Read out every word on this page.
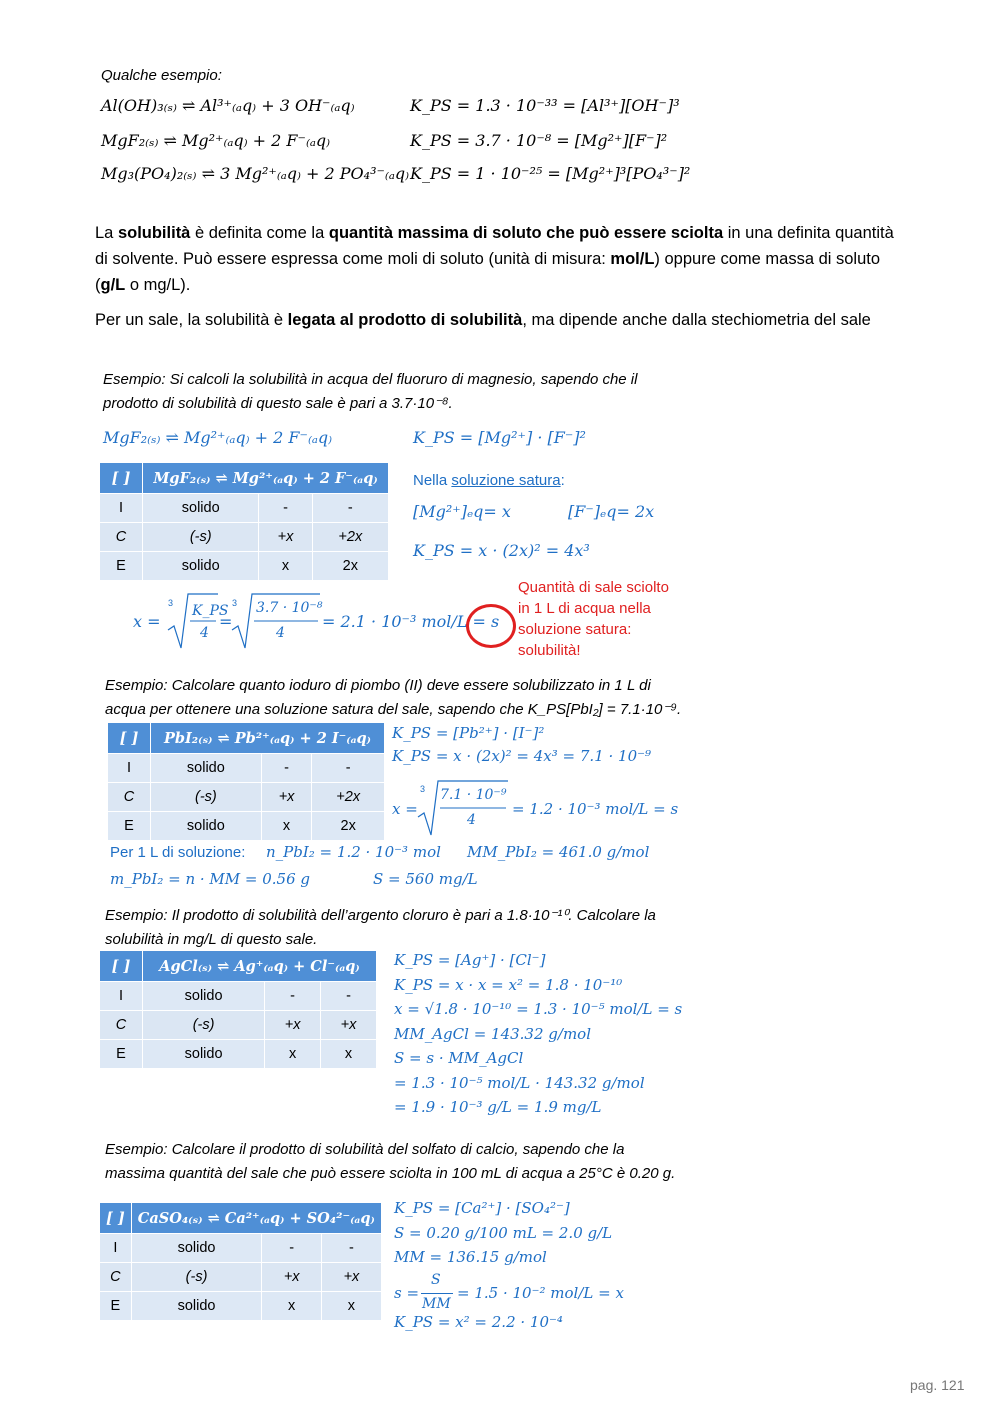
Qualche esempio:
Al(OH)₃₍ₛ₎ ⇌ Al³⁺₍ₐq₎ + 3 OH⁻₍ₐq₎	K_PS = 1.3 · 10⁻³³ = [Al³⁺][OH⁻]³
MgF₂₍ₛ₎ ⇌ Mg²⁺₍ₐq₎ + 2 F⁻₍ₐq₎	K_PS = 3.7 · 10⁻⁸ = [Mg²⁺][F⁻]²
Mg₃(PO₄)₂₍ₛ₎ ⇌ 3 Mg²⁺₍ₐq₎ + 2 PO₄³⁻₍ₐq₎ K_PS = 1 · 10⁻²⁵ = [Mg²⁺]³[PO₄³⁻]²
La solubilità è definita come la quantità massima di soluto che può essere sciolta in una definita quantità di solvente. Può essere espressa come moli di soluto (unità di misura: mol/L) oppure come massa di soluto (g/L o mg/L).
Per un sale, la solubilità è legata al prodotto di solubilità, ma dipende anche dalla stechiometria del sale
Esempio: Si calcoli la solubilità in acqua del fluoruro di magnesio, sapendo che il
prodotto di solubilità di questo sale è pari a 3.7·10⁻⁸.
MgF₂₍ₛ₎ ⇌ Mg²⁺₍ₐq₎ + 2 F⁻₍ₐq₎	K_PS = [Mg²⁺] · [F⁻]²
[ ]	MgF₂₍ₛ₎ ⇌ Mg²⁺₍ₐq₎ + 2 F⁻₍ₐq₎		
I	solido	-	-
C	(-s)	+x	+2x
E	solido	x	2x
Nella soluzione satura:
[Mg²⁺]ₑq= x	[F⁻]ₑq= 2x
K_PS = x · (2x)² = 4x³
x =
3	3
K_PS
4
=
3.7 · 10⁻⁸
4
= 2.1 · 10⁻³ mol/L = s
Quantità di sale sciolto
in 1 L di acqua nella
soluzione satura:
solubilità!
Esempio: Calcolare quanto ioduro di piombo (II) deve essere solubilizzato in 1 L di
acqua per ottenere una soluzione satura del sale, sapendo che K_PS[PbI₂] = 7.1·10⁻⁹.
[ ]	PbI₂₍ₛ₎ ⇌ Pb²⁺₍ₐq₎ + 2 I⁻₍ₐq₎		
I	solido	-	-
C	(-s)	+x	+2x
E	solido	x	2x
K_PS = [Pb²⁺] · [I⁻]²
K_PS = x · (2x)² = 4x³ = 7.1 · 10⁻⁹
x =
3 7.1 · 10⁻⁹
4
= 1.2 · 10⁻³ mol/L = s
Per 1 L di soluzione: n_PbI₂ = 1.2 · 10⁻³ mol MM_PbI₂ = 461.0 g/mol
m_PbI₂ = n · MM = 0.56 g	S = 560 mg/L
Esempio: Il prodotto di solubilità dell’argento cloruro è pari a 1.8·10⁻¹⁰. Calcolare la
solubilità in mg/L di questo sale.
[ ]	AgCl₍ₛ₎ ⇌ Ag⁺₍ₐq₎ + Cl⁻₍ₐq₎		
I	solido	-	-
C	(-s)	+x	+x
E	solido	x	x
K_PS = [Ag⁺] · [Cl⁻]
K_PS = x · x = x² = 1.8 · 10⁻¹⁰
x = √1.8 · 10⁻¹⁰ = 1.3 · 10⁻⁵ mol/L = s
MM_AgCl = 143.32 g/mol
S = s · MM_AgCl
= 1.3 · 10⁻⁵ mol/L · 143.32 g/mol
= 1.9 · 10⁻³ g/L = 1.9 mg/L
Esempio: Calcolare il prodotto di solubilità del solfato di calcio, sapendo che la
massima quantità del sale che può essere sciolta in 100 mL di acqua a 25°C è 0.20 g.
[ ]	CaSO₄₍ₛ₎ ⇌ Ca²⁺₍ₐq₎ + SO₄²⁻₍ₐq₎		
I	solido	-	-
C	(-s)	+x	+x
E	solido	x	x
K_PS = [Ca²⁺] · [SO₄²⁻]
S = 0.20 g/100 mL = 2.0 g/L
MM = 136.15 g/mol
s =
S
MM
= 1.5 · 10⁻² mol/L = x
K_PS = x² = 2.2 · 10⁻⁴
pag. 121
